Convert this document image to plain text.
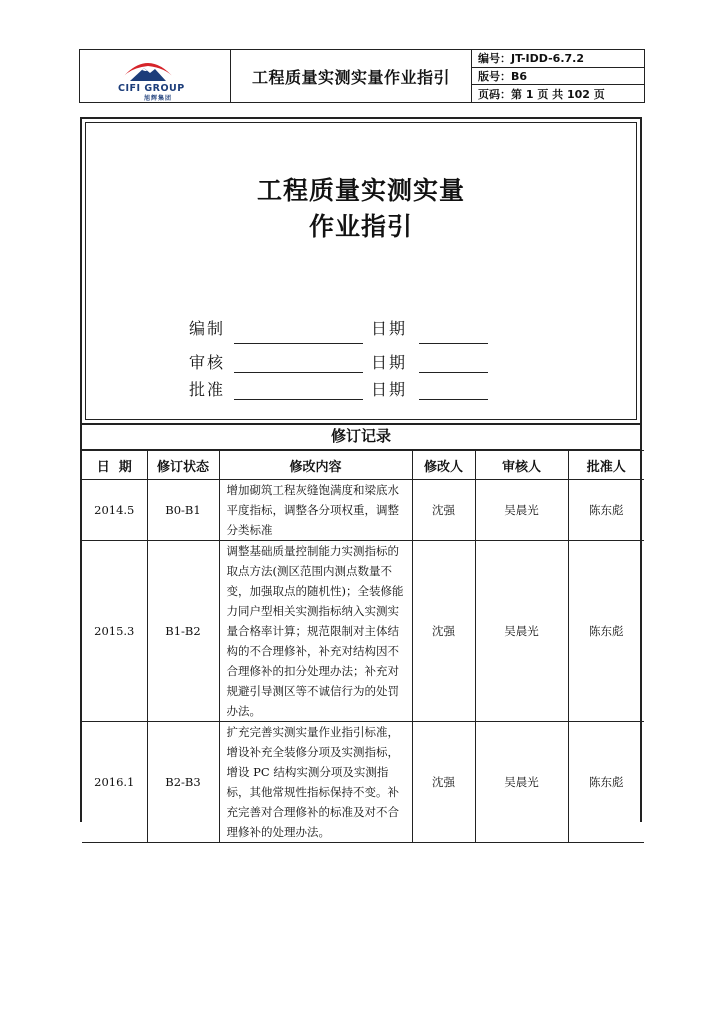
CIFI GROUP
旭辉集团
工程质量实测实量作业指引
编号：JT-IDD-6.7.2
版号：B6
页码：第 1 页 共 102 页
工程质量实测实量
作业指引
编制	日期
审核	日期
批准	日期
修订记录
日  期	修订状态	修改内容	修改人	审核人	批准人
2014.5	B0-B1	增加砌筑工程灰缝饱满度和梁底水平度指标，调整各分项权重，调整分类标准	沈强	吴晨光	陈东彪
2015.3	B1-B2	调整基础质量控制能力实测指标的取点方法(测区范围内测点数量不变，加强取点的随机性)；全装修能力同户型相关实测指标纳入实测实量合格率计算；规范限制对主体结构的不合理修补，补充对结构因不合理修补的扣分处理办法；补充对规避引导测区等不诚信行为的处罚办法。	沈强	吴晨光	陈东彪
2016.1	B2-B3	扩充完善实测实量作业指引标准，增设补充全装修分项及实测指标，增设 PC 结构实测分项及实测指标，其他常规性指标保持不变。补充完善对合理修补的标准及对不合理修补的处理办法。	沈强	吴晨光	陈东彪
